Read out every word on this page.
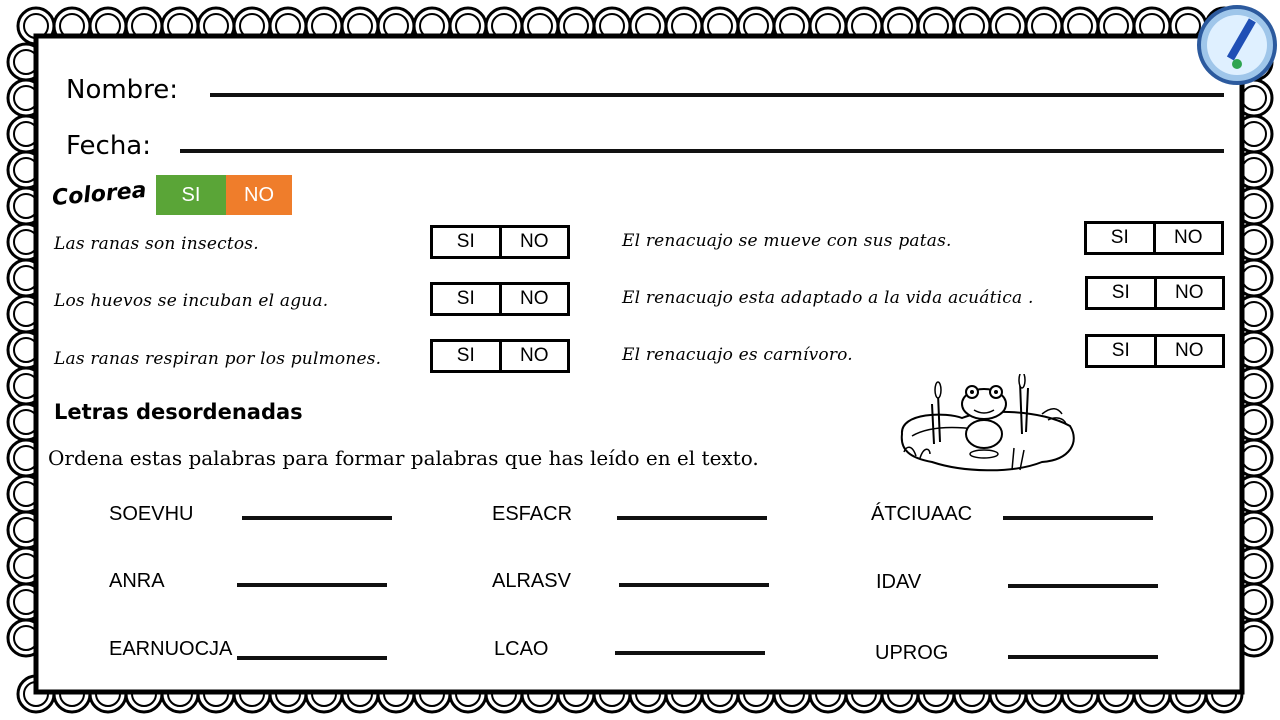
Nombre:
Fecha:
Colorea	SI	NO
Las ranas son insectos.	SI	NO
Los huevos se incuban el agua.	SI	NO
Las ranas respiran por los pulmones.	SI	NO
El renacuajo se mueve con sus patas.	SI	NO
El renacuajo esta adaptado a la vida acuática .	SI	NO
El renacuajo es carnívoro.	SI	NO
Letras desordenadas
Ordena estas palabras para formar palabras que has leído en el texto.
SOEVHU	ESFACR	ÁTCIUAAC
ANRA	ALRASV	IDAV
EARNUOCJA	LCAO	UPROG
